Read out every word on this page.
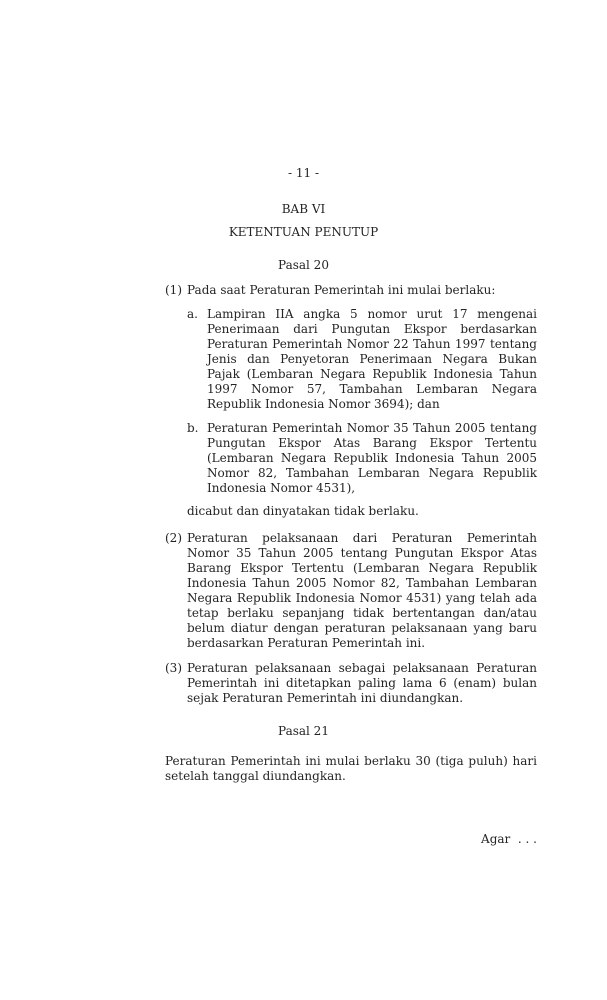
- 11 -
BAB VI
KETENTUAN PENUTUP
Pasal 20
(1) Pada saat Peraturan Pemerintah ini mulai berlaku:
a. Lampiran IIA angka 5 nomor urut 17 mengenai Penerimaan dari Pungutan Ekspor berdasarkan Peraturan Pemerintah Nomor 22 Tahun 1997 tentang Jenis dan Penyetoran Penerimaan Negara Bukan Pajak (Lembaran Negara Republik Indonesia Tahun 1997 Nomor 57, Tambahan Lembaran Negara Republik Indonesia Nomor 3694); dan
b. Peraturan Pemerintah Nomor 35 Tahun 2005 tentang Pungutan Ekspor Atas Barang Ekspor Tertentu (Lembaran Negara Republik Indonesia Tahun 2005 Nomor 82, Tambahan Lembaran Negara Republik Indonesia Nomor 4531),
dicabut dan dinyatakan tidak berlaku.
(2) Peraturan pelaksanaan dari Peraturan Pemerintah Nomor 35 Tahun 2005 tentang Pungutan Ekspor Atas Barang Ekspor Tertentu (Lembaran Negara Republik Indonesia Tahun 2005 Nomor 82, Tambahan Lembaran Negara Republik Indonesia Nomor 4531) yang telah ada tetap berlaku sepanjang tidak bertentangan dan/atau belum diatur dengan peraturan pelaksanaan yang baru berdasarkan Peraturan Pemerintah ini.
(3) Peraturan pelaksanaan sebagai pelaksanaan Peraturan Pemerintah ini ditetapkan paling lama 6 (enam) bulan sejak Peraturan Pemerintah ini diundangkan.
Pasal 21
Peraturan Pemerintah ini mulai berlaku 30 (tiga puluh) hari setelah tanggal diundangkan.
Agar  . . .
